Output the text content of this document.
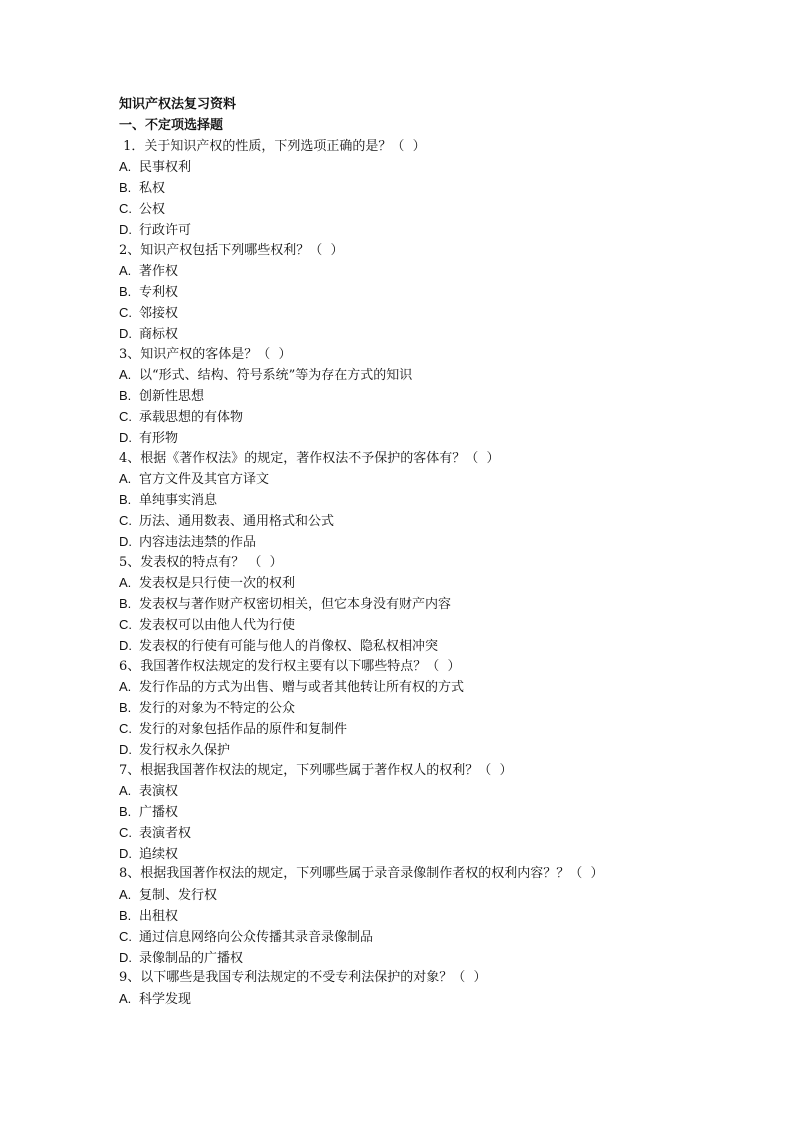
知识产权法复习资料
一、不定项选择题
1．关于知识产权的性质，下列选项正确的是？（  ）
A. 民事权利
B. 私权
C. 公权
D. 行政许可
2、知识产权包括下列哪些权利？（  ）
A. 著作权
B. 专利权
C. 邻接权
D. 商标权
3、知识产权的客体是？（  ）
A. 以“形式、结构、符号系统”等为存在方式的知识
B. 创新性思想
C. 承载思想的有体物
D. 有形物
4、根据《著作权法》的规定，著作权法不予保护的客体有？（  ）
A. 官方文件及其官方译文
B. 单纯事实消息
C. 历法、通用数表、通用格式和公式
D. 内容违法违禁的作品
5、发表权的特点有？ （  ）
A. 发表权是只行使一次的权利
B. 发表权与著作财产权密切相关，但它本身没有财产内容
C. 发表权可以由他人代为行使
D. 发表权的行使有可能与他人的肖像权、隐私权相冲突
6、我国著作权法规定的发行权主要有以下哪些特点？（  ）
A. 发行作品的方式为出售、赠与或者其他转让所有权的方式
B. 发行的对象为不特定的公众
C. 发行的对象包括作品的原件和复制件
D. 发行权永久保护
7、根据我国著作权法的规定，下列哪些属于著作权人的权利？（  ）
A. 表演权
B. 广播权
C. 表演者权
D. 追续权
8、根据我国著作权法的规定，下列哪些属于录音录像制作者权的权利内容？？（  ）
A. 复制、发行权
B. 出租权
C. 通过信息网络向公众传播其录音录像制品
D. 录像制品的广播权
9、以下哪些是我国专利法规定的不受专利法保护的对象？（  ）
A. 科学发现
